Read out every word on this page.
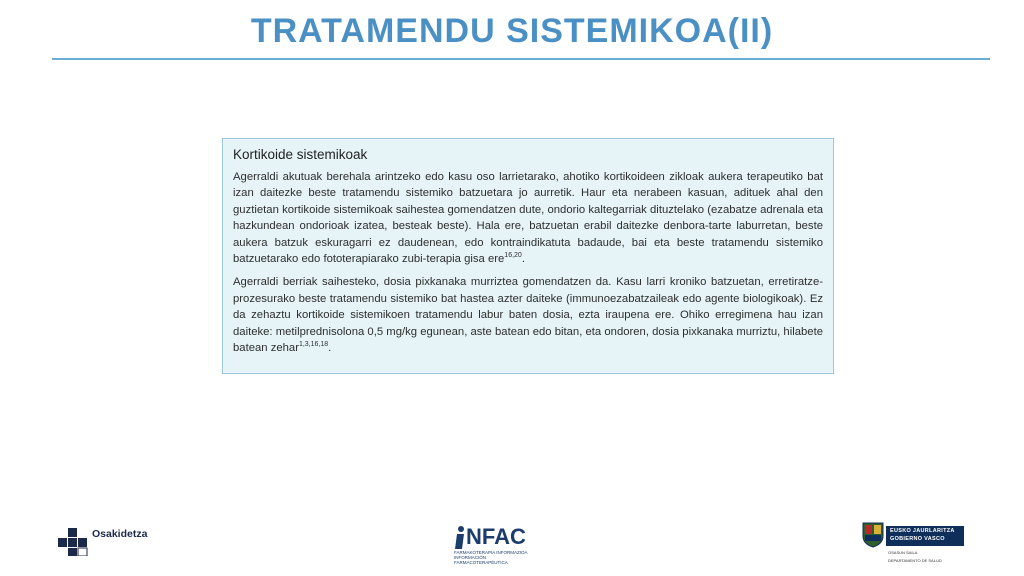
TRATAMENDU SISTEMIKOA(II)
Kortikoide sistemikoak

Agerraldi akutuak berehala arintzeko edo kasu oso larrietarako, ahotiko kortikoideen zikloak aukera terapeutiko bat izan daitezke beste tratamendu sistemiko batzuetara jo aurretik. Haur eta nerabeen kasuan, adituek ahal den guztietan kortikoide sistemikoak saihestea gomendatzen dute, ondorio kaltegarriak dituztelako (ezabatze adrenala eta hazkundean ondorioak izatea, besteak beste). Hala ere, batzuetan erabil daitezke denbora-tarte laburretan, beste aukera batzuk eskuragarri ez daudenean, edo kontraindikatuta badaude, bai eta beste tratamendu sistemiko batzuetarako edo fototerapiarako zubi-terapia gisa ere$^{16,20}$.

Agerraldi berriak saihesteko, dosia pixkanaka murriztea gomendatzen da. Kasu larri kroniko batzuetan, erretiratze-prozesurako beste tratamendu sistemiko bat hastea azter daiteke (immunoezabatzaileak edo agente biologikoak). Ez da zehaztu kortikoide sistemikoen tratamendu labur baten dosia, ezta iraupena ere. Ohiko erregimena hau izan daiteke: metilprednisolona 0,5 mg/kg egunean, aste batean edo bitan, eta ondoren, dosia pixkanaka murriztu, hilabete batean zehar$^{1,3,16,18}$.

Osakidetza	NFAC
FARMAKOTERAPIA INFORMAZIOA
INFORMACIÓN FARMACOTERAPÉUTICA
EUSKO JAURLARITZA
GOBIERNO VASCO
OSASUN SAILA
DEPARTAMENTO DE SALUD
